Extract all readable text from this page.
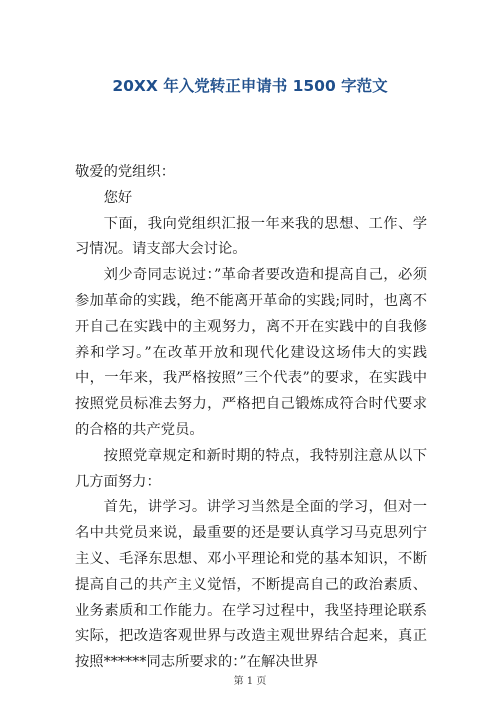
20XX 年入党转正申请书 1500 字范文

敬爱的党组织：

您好

下面，我向党组织汇报一年来我的思想、工作、学习情况。请支部大会讨论。

刘少奇同志说过：”革命者要改造和提高自己，必须参加革命的实践，绝不能离开革命的实践;同时，也离不开自己在实践中的主观努力，离不开在实践中的自我修养和学习。”在改革开放和现代化建设这场伟大的实践中，一年来，我严格按照”三个代表”的要求，在实践中按照党员标准去努力，严格把自己锻炼成符合时代要求的合格的共产党员。

按照党章规定和新时期的特点，我特别注意从以下几方面努力：

首先，讲学习。讲学习当然是全面的学习，但对一名中共党员来说，最重要的还是要认真学习马克思列宁主义、毛泽东思想、邓小平理论和党的基本知识，不断提高自己的共产主义觉悟，不断提高自己的政治素质、业务素质和工作能力。在学习过程中，我坚持理论联系实际，把改造客观世界与改造主观世界结合起来，真正按照******同志所要求的：”在解决世界

第 1 页
